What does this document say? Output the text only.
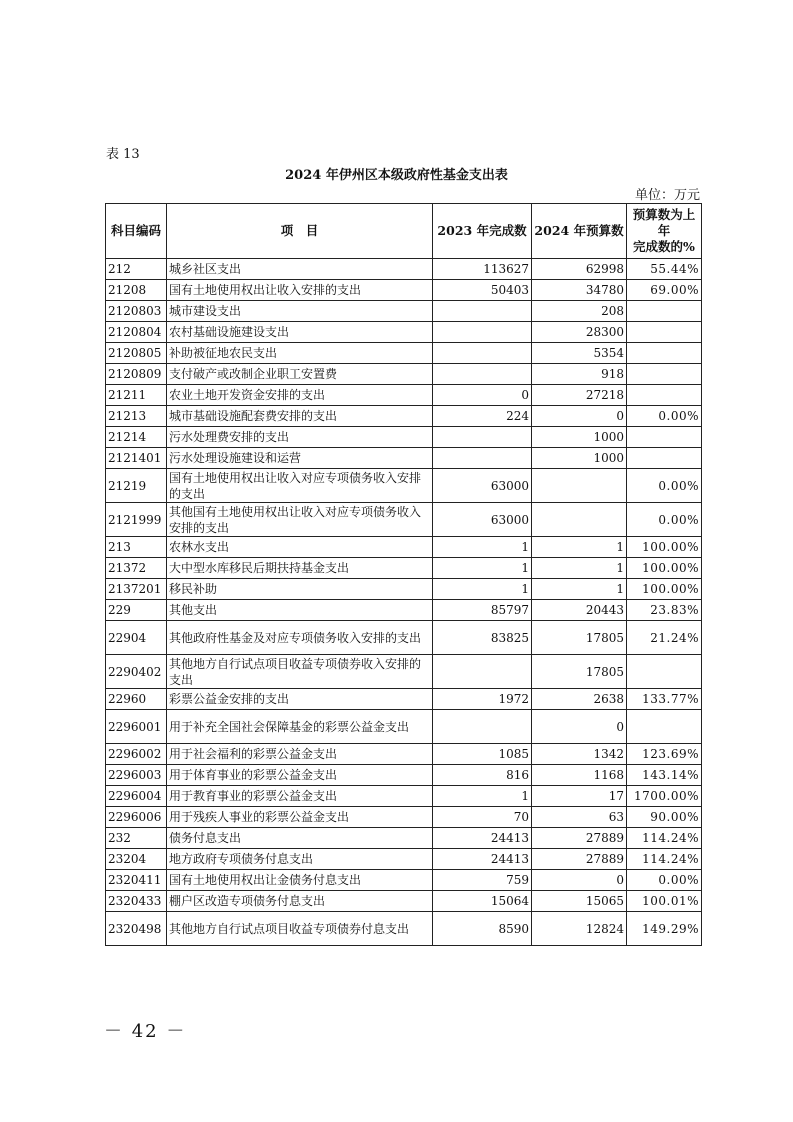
表 13
2024 年伊州区本级政府性基金支出表
单位：万元
科目编码	项　目	2023 年完成数	2024 年预算数	预算数为上年
完成数的%
212	城乡社区支出	113627	62998	55.44%
21208	国有土地使用权出让收入安排的支出	50403	34780	69.00%
2120803	城市建设支出		208	
2120804	农村基础设施建设支出		28300	
2120805	补助被征地农民支出		5354	
2120809	支付破产或改制企业职工安置费		918	
21211	农业土地开发资金安排的支出	0	27218	
21213	城市基础设施配套费安排的支出	224	0	0.00%
21214	污水处理费安排的支出		1000	
2121401	污水处理设施建设和运营		1000	
21219	国有土地使用权出让收入对应专项债务收入安排的支出	63000		0.00%
2121999	其他国有土地使用权出让收入对应专项债务收入安排的支出	63000		0.00%
213	农林水支出	1	1	100.00%
21372	大中型水库移民后期扶持基金支出	1	1	100.00%
2137201	移民补助	1	1	100.00%
229	其他支出	85797	20443	23.83%
22904	其他政府性基金及对应专项债务收入安排的支出	83825	17805	21.24%
2290402	其他地方自行试点项目收益专项债券收入安排的支出		17805	
22960	彩票公益金安排的支出	1972	2638	133.77%
2296001	用于补充全国社会保障基金的彩票公益金支出		0	
2296002	用于社会福利的彩票公益金支出	1085	1342	123.69%
2296003	用于体育事业的彩票公益金支出	816	1168	143.14%
2296004	用于教育事业的彩票公益金支出	1	17	1700.00%
2296006	用于残疾人事业的彩票公益金支出	70	63	90.00%
232	债务付息支出	24413	27889	114.24%
23204	地方政府专项债务付息支出	24413	27889	114.24%
2320411	国有土地使用权出让金债务付息支出	759	0	0.00%
2320433	棚户区改造专项债务付息支出	15064	15065	100.01%
2320498	其他地方自行试点项目收益专项债券付息支出	8590	12824	149.29%
－ 42 －
